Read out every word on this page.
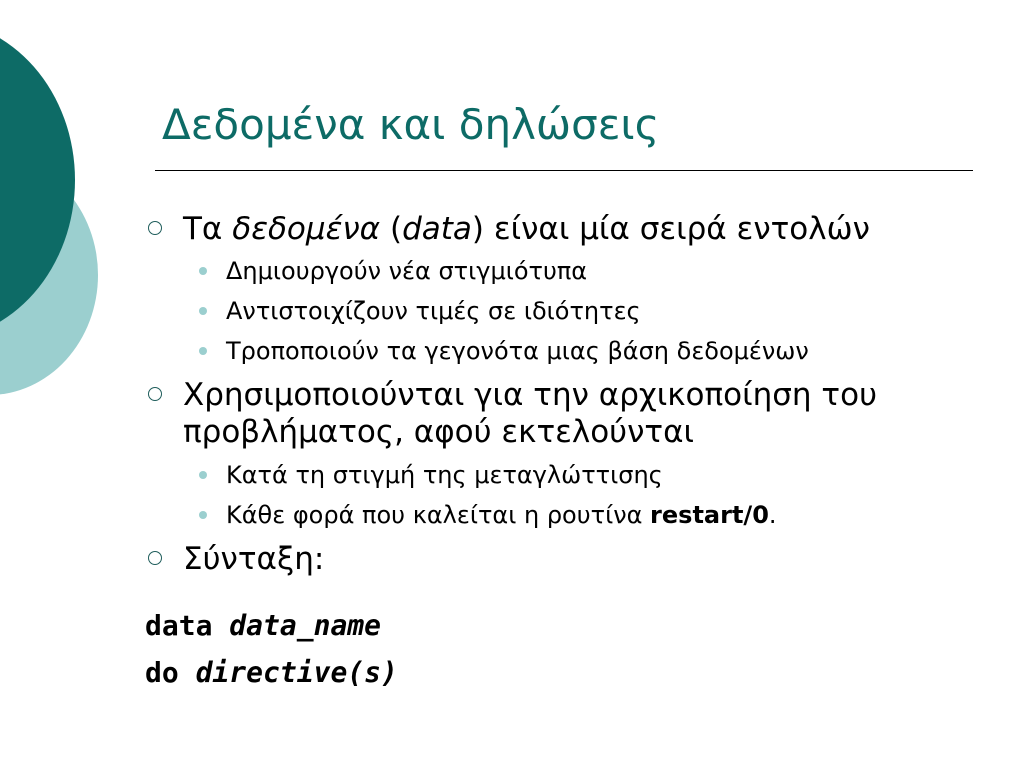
Δεδομένα και δηλώσεις
Τα δεδομένα (data) είναι μία σειρά εντολών
Δημιουργούν νέα στιγμιότυπα
Αντιστοιχίζουν τιμές σε ιδιότητες
Τροποποιούν τα γεγονότα μιας βάση δεδομένων
Χρησιμοποιούνται για την αρχικοποίηση του προβλήματος, αφού εκτελούνται
Κατά τη στιγμή της μεταγλώττισης
Κάθε φορά που καλείται η ρουτίνα restart/0.
Σύνταξη:
data data_name
do directive(s)
